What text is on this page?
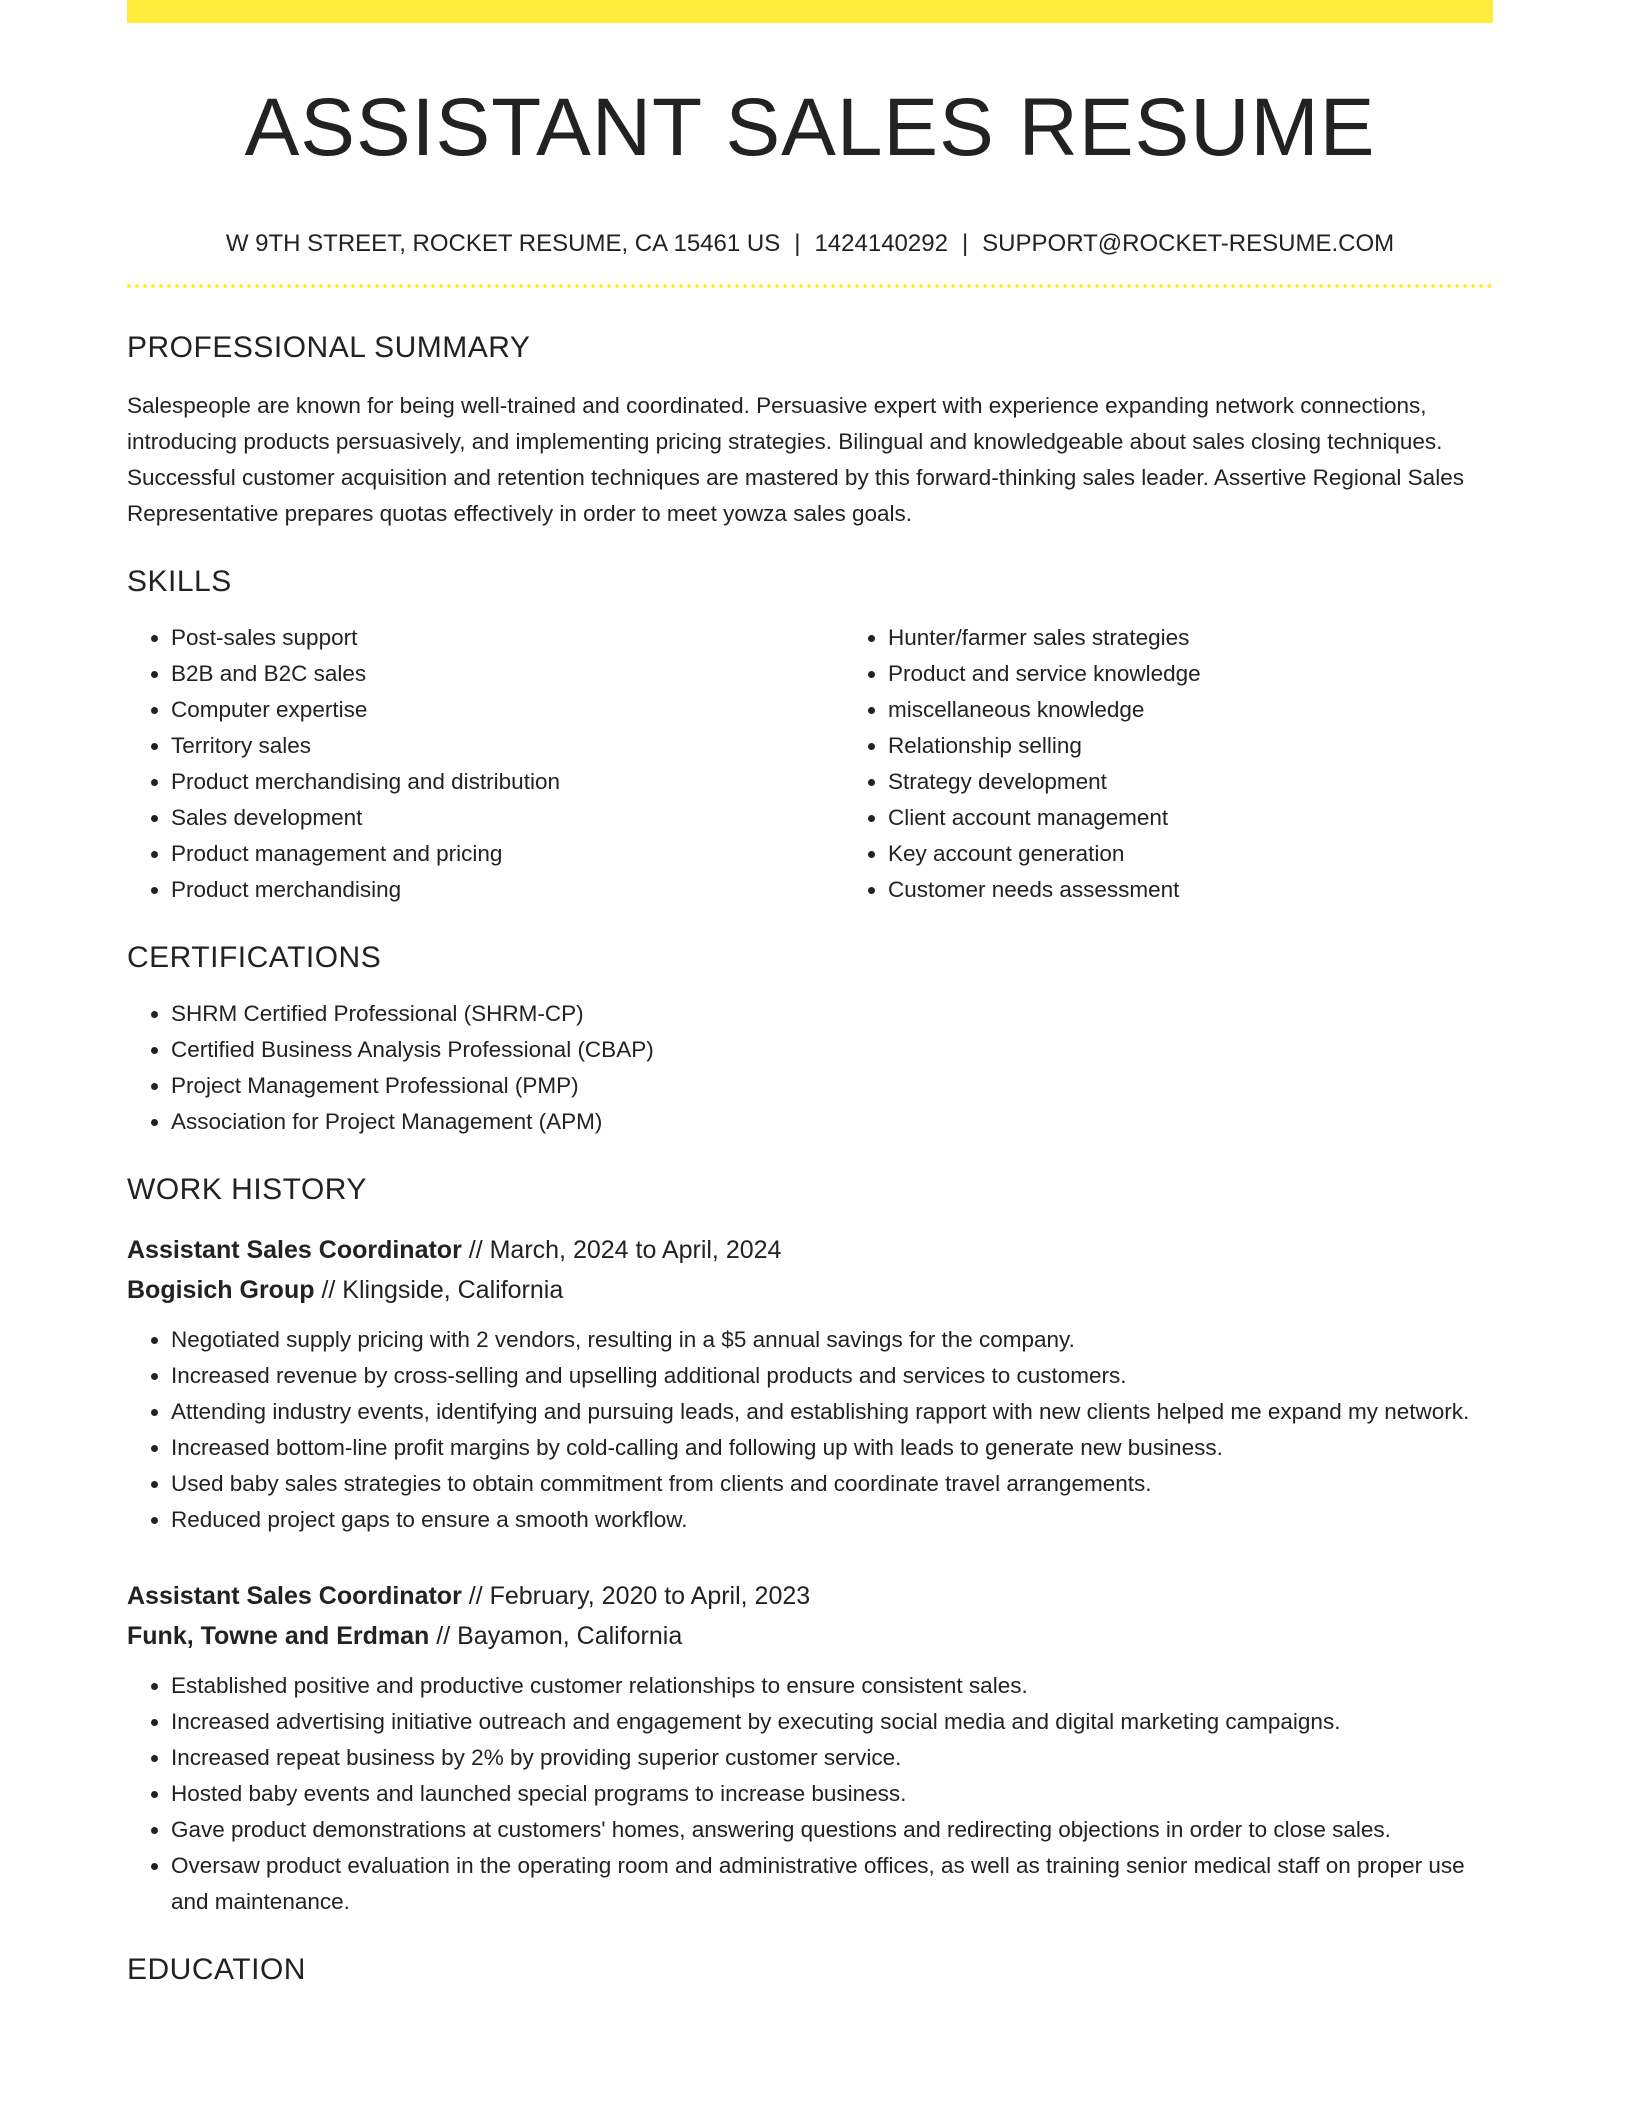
ASSISTANT SALES RESUME
W 9TH STREET, ROCKET RESUME, CA 15461 US | 1424140292 | SUPPORT@ROCKET-RESUME.COM
PROFESSIONAL SUMMARY
Salespeople are known for being well-trained and coordinated. Persuasive expert with experience expanding network connections, introducing products persuasively, and implementing pricing strategies. Bilingual and knowledgeable about sales closing techniques. Successful customer acquisition and retention techniques are mastered by this forward-thinking sales leader. Assertive Regional Sales Representative prepares quotas effectively in order to meet yowza sales goals.
SKILLS
• Post-sales support
• B2B and B2C sales
• Computer expertise
• Territory sales
• Product merchandising and distribution
• Sales development
• Product management and pricing
• Product merchandising
• Hunter/farmer sales strategies
• Product and service knowledge
• miscellaneous knowledge
• Relationship selling
• Strategy development
• Client account management
• Key account generation
• Customer needs assessment
CERTIFICATIONS
• SHRM Certified Professional (SHRM-CP)
• Certified Business Analysis Professional (CBAP)
• Project Management Professional (PMP)
• Association for Project Management (APM)
WORK HISTORY
Assistant Sales Coordinator // March, 2024 to April, 2024
Bogisich Group // Klingside, California
• Negotiated supply pricing with 2 vendors, resulting in a $5 annual savings for the company.
• Increased revenue by cross-selling and upselling additional products and services to customers.
• Attending industry events, identifying and pursuing leads, and establishing rapport with new clients helped me expand my network.
• Increased bottom-line profit margins by cold-calling and following up with leads to generate new business.
• Used baby sales strategies to obtain commitment from clients and coordinate travel arrangements.
• Reduced project gaps to ensure a smooth workflow.
Assistant Sales Coordinator // February, 2020 to April, 2023
Funk, Towne and Erdman // Bayamon, California
• Established positive and productive customer relationships to ensure consistent sales.
• Increased advertising initiative outreach and engagement by executing social media and digital marketing campaigns.
• Increased repeat business by 2% by providing superior customer service.
• Hosted baby events and launched special programs to increase business.
• Gave product demonstrations at customers' homes, answering questions and redirecting objections in order to close sales.
• Oversaw product evaluation in the operating room and administrative offices, as well as training senior medical staff on proper use and maintenance.
EDUCATION
